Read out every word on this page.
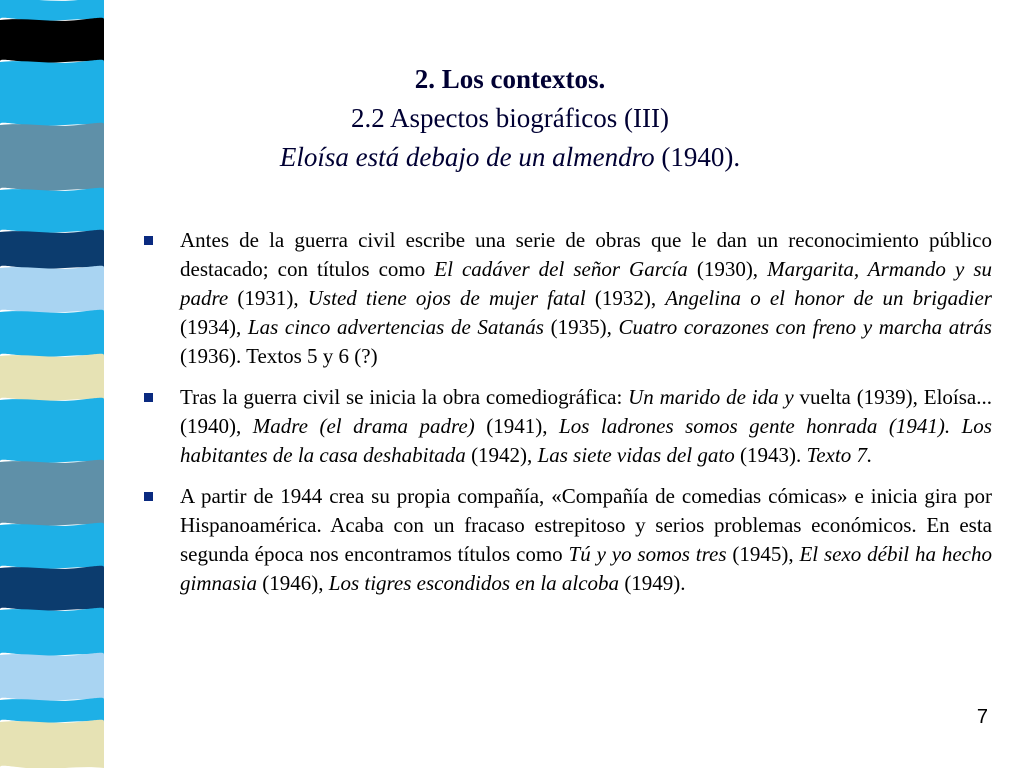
2. Los contextos.
2.2 Aspectos biográficos (III)
Eloísa está debajo de un almendro (1940).
Antes de la guerra civil escribe una serie de obras que le dan un reconocimiento público destacado; con títulos como El cadáver del señor García (1930), Margarita, Armando y su padre (1931), Usted tiene ojos de mujer fatal (1932), Angelina o el honor de un brigadier (1934), Las cinco advertencias de Satanás (1935), Cuatro corazones con freno y marcha atrás (1936). Textos 5 y 6 (?)
Tras la guerra civil se inicia la obra comediográfica: Un marido de ida y vuelta (1939), Eloísa...(1940), Madre (el drama padre) (1941), Los ladrones somos gente honrada (1941). Los habitantes de la casa deshabitada (1942), Las siete vidas del gato (1943). Texto 7.
A partir de 1944 crea su propia compañía, «Compañía de comedias cómicas» e inicia gira por Hispanoamérica. Acaba con un fracaso estrepitoso y serios problemas económicos. En esta segunda época nos encontramos títulos como Tú y yo somos tres (1945), El sexo débil ha hecho gimnasia (1946), Los tigres escondidos en la alcoba (1949).
7
